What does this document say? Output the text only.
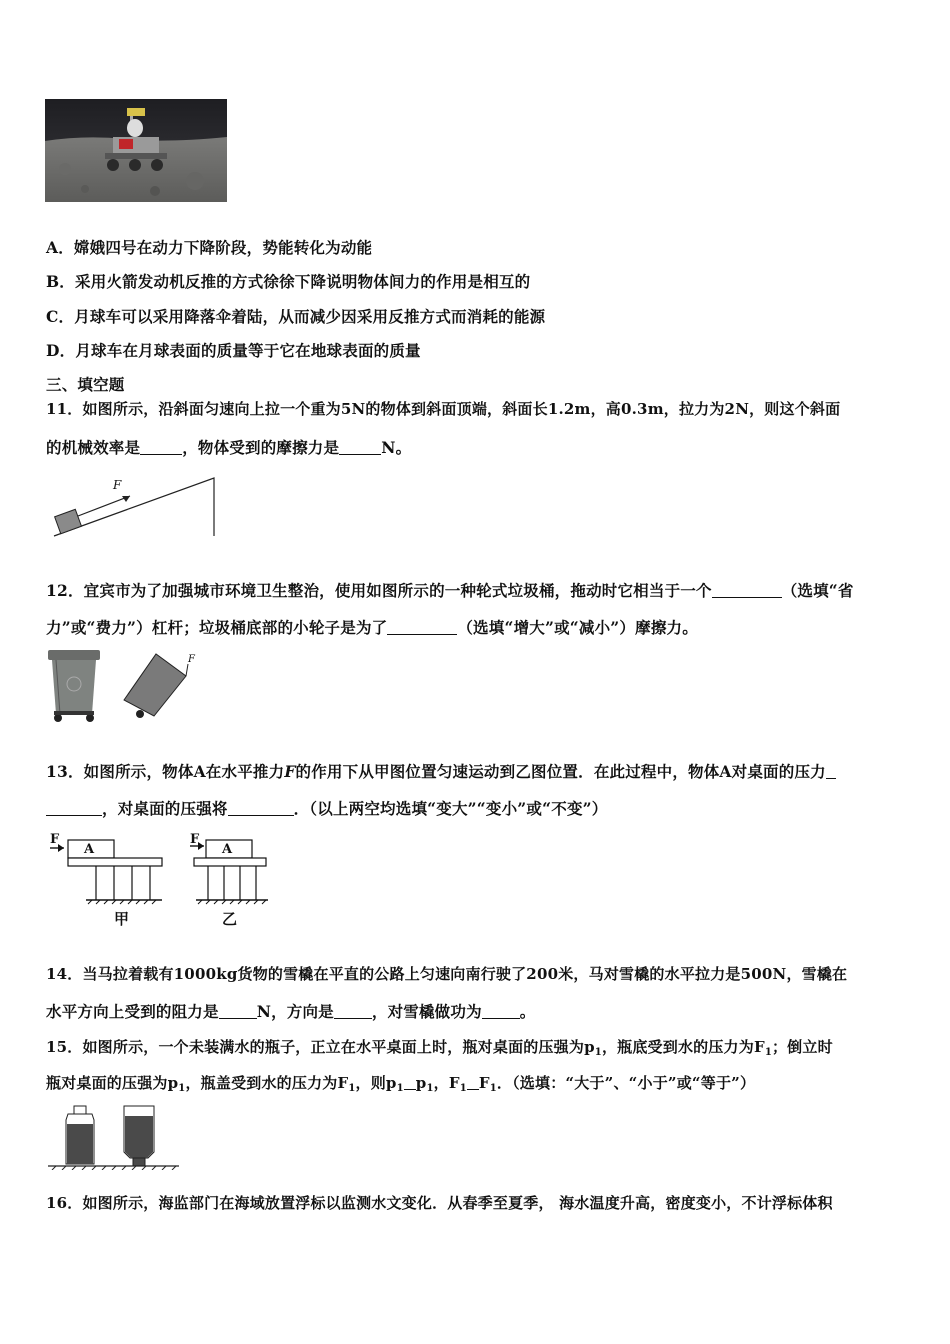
A．嫦娥四号在动力下降阶段，势能转化为动能
B．采用火箭发动机反推的方式徐徐下降说明物体间力的作用是相互的
C．月球车可以采用降落伞着陆，从而减少因采用反推方式而消耗的能源
D．月球车在月球表面的质量等于它在地球表面的质量
三、填空题
11．如图所示，沿斜面匀速向上拉一个重为5N的物体到斜面顶端，斜面长1.2m，高0.3m，拉力为2N，则这个斜面
的机械效率是	，物体受到的摩擦力是	N。
F
12．宜宾市为了加强城市环境卫生整治，使用如图所示的一种轮式垃圾桶，拖动时它相当于一个	（选填“省
力”或“费力”）杠杆；垃圾桶底部的小轮子是为了	（选填“增大”或“减小”）摩擦力。
F
13．如图所示，物体A在水平推力F的作用下从甲图位置匀速运动到乙图位置．在此过程中，物体A对桌面的压力
，对桌面的压强将	．（以上两空均选填“变大”“变小”或“不变”）
F
A
F
A
甲	乙
14．当马拉着载有1000kg货物的雪橇在平直的公路上匀速向南行驶了200米，马对雪橇的水平拉力是500N，雪橇在
水平方向上受到的阻力是 N，方向是 ，对雪橇做功为 。
15．如图所示，一个未装满水的瓶子，正立在水平桌面上时，瓶对桌面的压强为$p_1$，瓶底受到水的压力为$F_1$；倒立时
瓶对桌面的压强为$p_1$，瓶盖受到水的压力为$F_1$，则$p_1$ $p_1$，$F_1$ $F_1$．（选填：“大于”、“小于”或“等于”）
16．如图所示，海监部门在海域放置浮标以监测水文变化．从春季至夏季， 海水温度升高，密度变小，不计浮标体积
